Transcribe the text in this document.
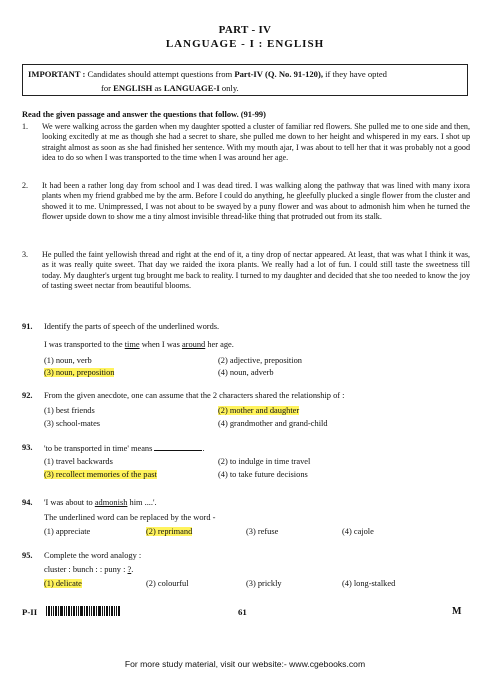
PART - IV
LANGUAGE - I : ENGLISH
IMPORTANT : Candidates should attempt questions from Part-IV (Q. No. 91-120), if they have opted
for ENGLISH as LANGUAGE-I only.
Read the given passage and answer the questions that follow. (91-99)
1. We were walking across the garden when my daughter spotted a cluster of familiar red flowers. She pulled me to one side and then, looking excitedly at me as though she had a secret to share, she pulled me down to her height and whispered in my ears. I shot up straight almost as soon as she had finished her sentence. With my mouth ajar, I was about to tell her that it was probably not a good idea to do so when I was transported to the time when I was around her age.
2. It had been a rather long day from school and I was dead tired. I was walking along the pathway that was lined with many ixora plants when my friend grabbed me by the arm. Before I could do anything, he gleefully plucked a single flower from the cluster and showed it to me. Unimpressed, I was not about to be swayed by a puny flower and was about to admonish him when he turned the flower upside down to show me a tiny almost invisible thread-like thing that protruded out from its stalk.
3. He pulled the faint yellowish thread and right at the end of it, a tiny drop of nectar appeared. At least, that was what I think it was, as it was really quite sweet. That day we raided the ixora plants. We really had a lot of fun. I could still taste the sweetness till today. My daughter's urgent tug brought me back to reality. I turned to my daughter and decided that she too needed to know the joy of tasting sweet nectar from beautiful blooms.
91. Identify the parts of speech of the underlined words.
I was transported to the time when I was around her age.
(1) noun, verb	(2) adjective, preposition
(3) noun, preposition	(4) noun, adverb
92. From the given anecdote, one can assume that the 2 characters shared the relationship of :
(1) best friends	(2) mother and daughter
(3) school-mates	(4) grandmother and grand-child
93. 'to be transported in time' means	.
(1) travel backwards	(2) to indulge in time travel
(3) recollect memories of the past	(4) to take future decisions
94. 'I was about to admonish him ....'.
The underlined word can be replaced by the word -
(1) appreciate	(2) reprimand	(3) refuse	(4) cajole
95. Complete the word analogy :
cluster : bunch : : puny : ?.
(1) delicate	(2) colourful	(3) prickly	(4) long-stalked
P-II	61	M
For more study material, visit our website:- www.cgebooks.com
